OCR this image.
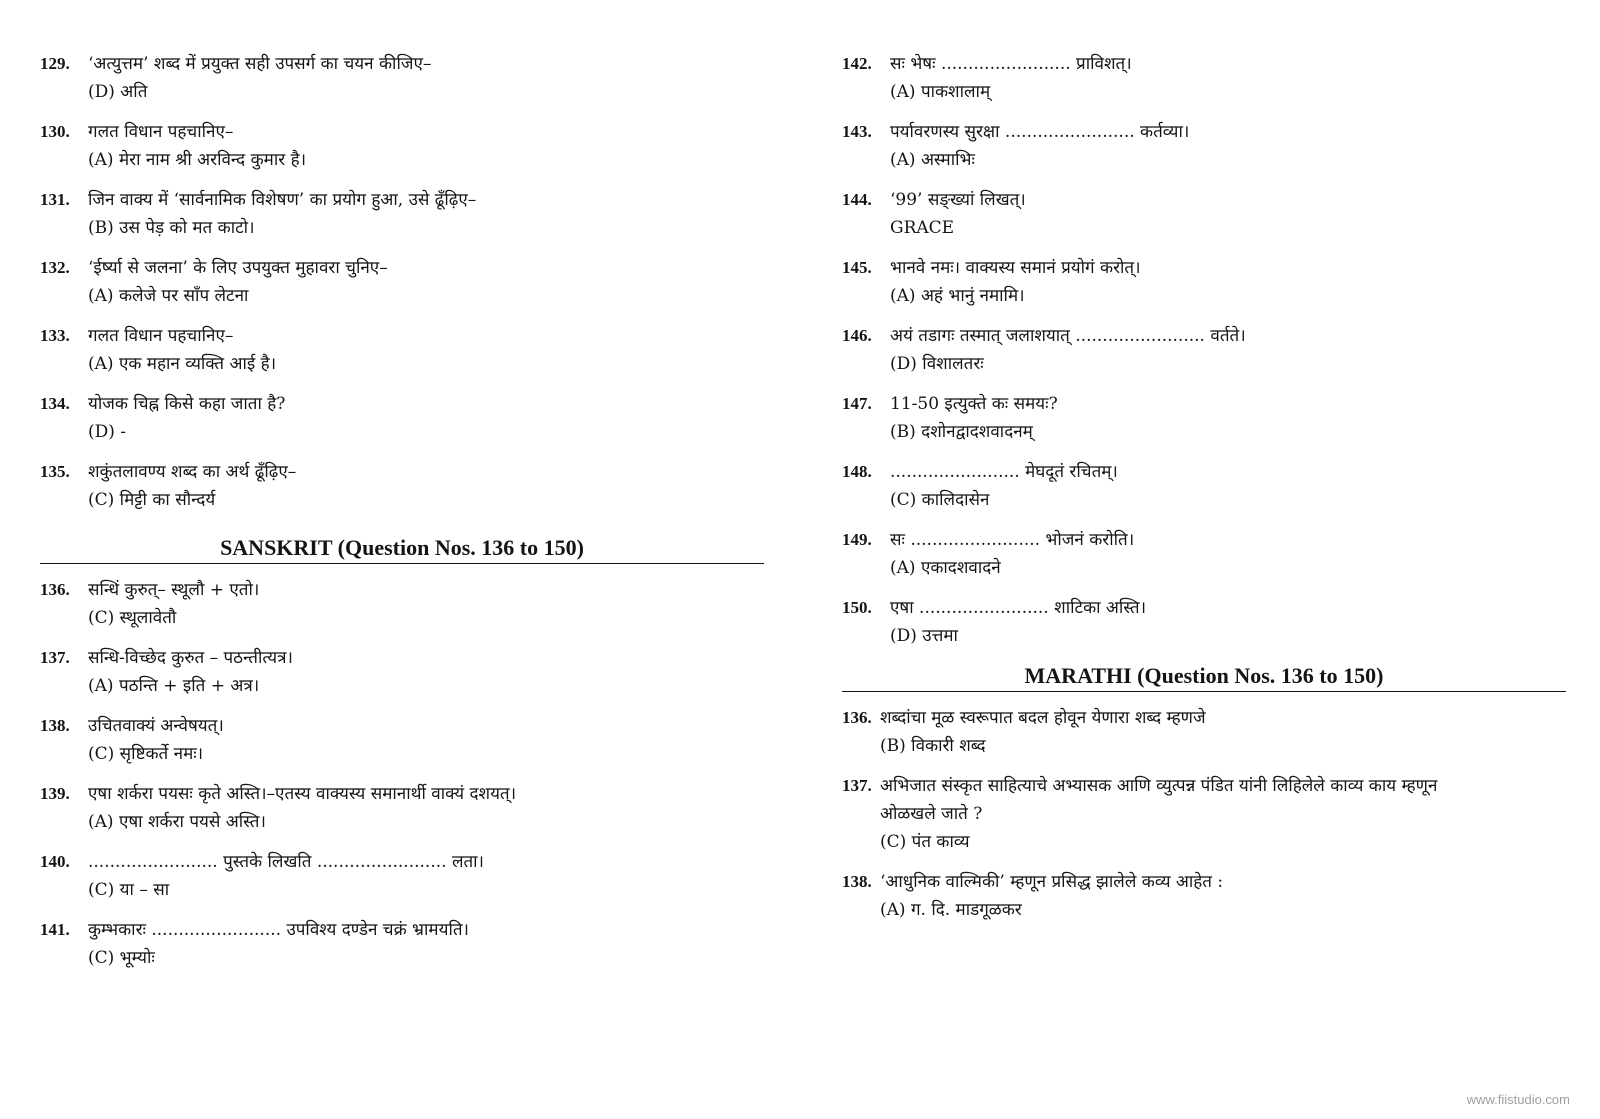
129.	‘अत्युत्तम’ शब्द में प्रयुक्त सही उपसर्ग का चयन कीजिए–
(D) अति
130.	गलत विधान पहचानिए–
(A) मेरा नाम श्री अरविन्द कुमार है।
131.	जिन वाक्य में ‘सार्वनामिक विशेषण’ का प्रयोग हुआ, उसे ढूँढ़िए–
(B) उस पेड़ को मत काटो।
132.	‘ईर्ष्या से जलना’ के लिए उपयुक्त मुहावरा चुनिए–
(A) कलेजे पर साँप लेटना
133.	गलत विधान पहचानिए–
(A) एक महान व्यक्ति आई है।
134.	योजक चिह्न किसे कहा जाता है?
(D) -
135.	शकुंतलावण्य शब्द का अर्थ ढूँढ़िए–
(C) मिट्टी का सौन्दर्य
SANSKRIT (Question Nos. 136 to 150)
136.	सन्धिं कुरुत्– स्थूलौ + एतो।
(C) स्थूलावेतौ
137.	सन्धि-विच्छेद कुरुत – पठन्तीत्यत्र।
(A) पठन्ति + इति + अत्र।
138.	उचितवाक्यं अन्वेषयत्।
(C) सृष्टिकर्ते नमः।
139.	एषा शर्करा पयसः कृते अस्ति।–एतस्य वाक्यस्य समानार्थी वाक्यं दशयत्।
(A) एषा शर्करा पयसे अस्ति।
140.	........................ पुस्तके लिखति ........................ लता।
(C) या – सा
141.	कुम्भकारः ........................ उपविश्य दण्डेन चक्रं भ्रामयति।
(C) भूम्योः
142.	सः भेषः ........................ प्राविशत्।
(A) पाकशालाम्
143.	पर्यावरणस्य सुरक्षा ........................ कर्तव्या।
(A) अस्माभिः
144.	‘99’ सङ्ख्यां लिखत्।
GRACE
145.	भानवे नमः। वाक्यस्य समानं प्रयोगं करोत्।
(A) अहं भानुं नमामि।
146.	अयं तडागः तस्मात् जलाशयात् ........................ वर्तते।
(D) विशालतरः
147.	11-50 इत्युक्ते कः समयः?
(B) दशोनद्वादशवादनम्
148.	........................ मेघदूतं रचितम्।
(C) कालिदासेन
149.	सः ........................ भोजनं करोति।
(A) एकादशवादने
150.	एषा ........................ शाटिका अस्ति।
(D) उत्तमा
MARATHI (Question Nos. 136 to 150)
136. शब्दांचा मूळ स्वरूपात बदल होवून येणारा शब्द म्हणजे
(B) विकारी शब्द
137. अभिजात संस्कृत साहित्याचे अभ्यासक आणि व्युत्पन्न पंडित यांनी लिहिलेले काव्य काय म्हणून
ओळखले जाते ?
(C) पंत काव्य
138. ‘आधुनिक वाल्मिकी’ म्हणून प्रसिद्ध झालेले कव्य आहेत :
(A) ग. दि. माडगूळकर
www.fiistudio.com
